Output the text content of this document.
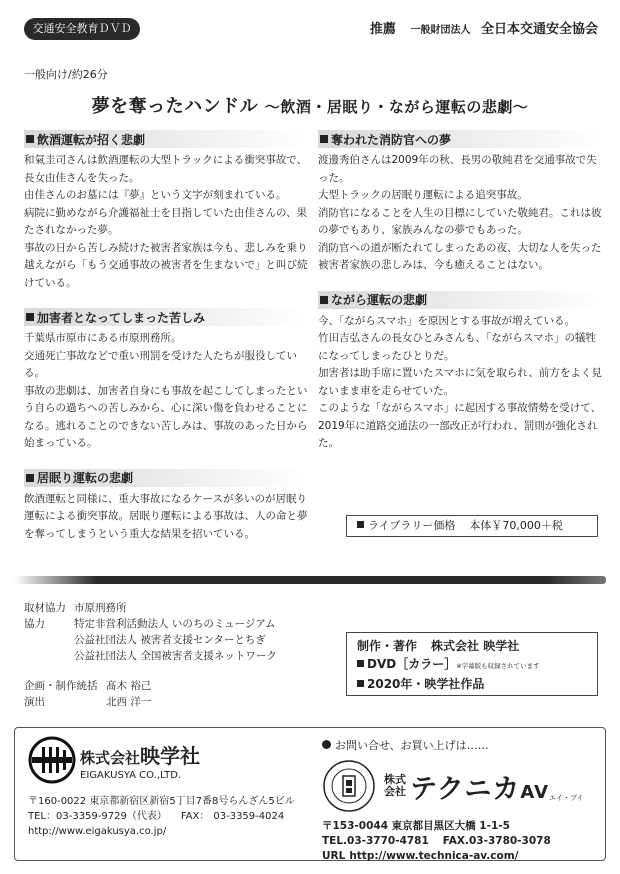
交通安全教育ＤＶＤ	推薦 一般財団法人 全日本交通安全協会
一般向け/約26分
夢を奪ったハンドル ～飲酒・居眠り・ながら運転の悲劇～
飲酒運転が招く悲劇

和氣圭司さんは飲酒運転の大型トラックによる衝突事故で、長女由佳さんを失った。

由佳さんのお墓には『夢』という文字が刻まれている。

病院に勤めながら介護福祉士を目指していた由佳さんの、果たされなかった夢。

事故の日から苦しみ続けた被害者家族は今も、悲しみを乗り越えながら「もう交通事故の被害者を生まないで」と叫び続けている。

加害者となってしまった苦しみ

千葉県市原市にある市原刑務所。

交通死亡事故などで重い刑罰を受けた人たちが服役している。

事故の悲劇は、加害者自身にも事故を起こしてしまったという自らの過ちへの苦しみから、心に深い傷を負わせることになる。逃れることのできない苦しみは、事故のあった日から始まっている。

居眠り運転の悲劇

飲酒運転と同様に、重大事故になるケースが多いのが居眠り運転による衝突事故。居眠り運転による事故は、人の命と夢を奪ってしまうという重大な結果を招いている。

奪われた消防官への夢

渡邊秀伯さんは2009年の秋、長男の敬純君を交通事故で失った。

大型トラックの居眠り運転による追突事故。

消防官になることを人生の目標にしていた敬純君。これは彼の夢でもあり、家族みんなの夢でもあった。

消防官への道が断たれてしまったあの夜、大切な人を失った被害者家族の悲しみは、今も癒えることはない。

ながら運転の悲劇

今、「ながらスマホ」を原因とする事故が増えている。

竹田吉弘さんの長女ひとみさんも、「ながらスマホ」の犠牲になってしまったひとりだ。

加害者は助手席に置いたスマホに気を取られ、前方をよく見ないまま車を走らせていた。

このような「ながらスマホ」に起因する事故情勢を受けて、2019年に道路交通法の一部改正が行われ、罰則が強化された。

ライブラリー価格 本体￥70,000＋税
取材協力 市原刑務所
協力	特定非営利活動法人 いのちのミュージアム
公益社団法人 被害者支援センターとちぎ
公益社団法人 全国被害者支援ネットワーク
企画・制作統括 髙木 裕己
演出	北西 洋一
制作・著作 株式会社 映学社
DVD［カラー］※字幕版も収録されています
2020年・映学社作品
株式会社映学社
EIGAKUSYA CO.,LTD.
〒160-0022 東京都新宿区新宿5丁目7番8号らんざん5ビル
TEL：03-3359-9729（代表） FAX： 03-3359-4024
http://www.eigakusya.co.jp/
お問い合せ、お買い上げは……
株式
会社 テクニカAV エイ・ブイ
〒153-0044 東京都目黒区大橋 1-1-5
TEL.03-3770-4781 FAX.03-3780-3078
URL http://www.technica-av.com/
